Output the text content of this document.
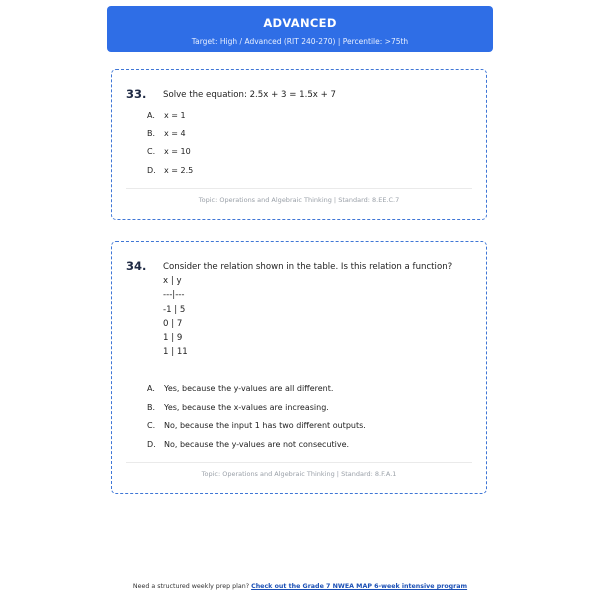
ADVANCED
Target: High / Advanced (RIT 240-270) | Percentile: >75th
33. Solve the equation: 2.5x + 3 = 1.5x + 7
A. x = 1
B. x = 4
C. x = 10
D. x = 2.5
Topic: Operations and Algebraic Thinking | Standard: 8.EE.C.7
34. Consider the relation shown in the table. Is this relation a function?
x | y
---|---
-1 | 5
0 | 7
1 | 9
1 | 11
A. Yes, because the y-values are all different.
B. Yes, because the x-values are increasing.
C. No, because the input 1 has two different outputs.
D. No, because the y-values are not consecutive.
Topic: Operations and Algebraic Thinking | Standard: 8.F.A.1
Need a structured weekly prep plan? Check out the Grade 7 NWEA MAP 6-week intensive program
